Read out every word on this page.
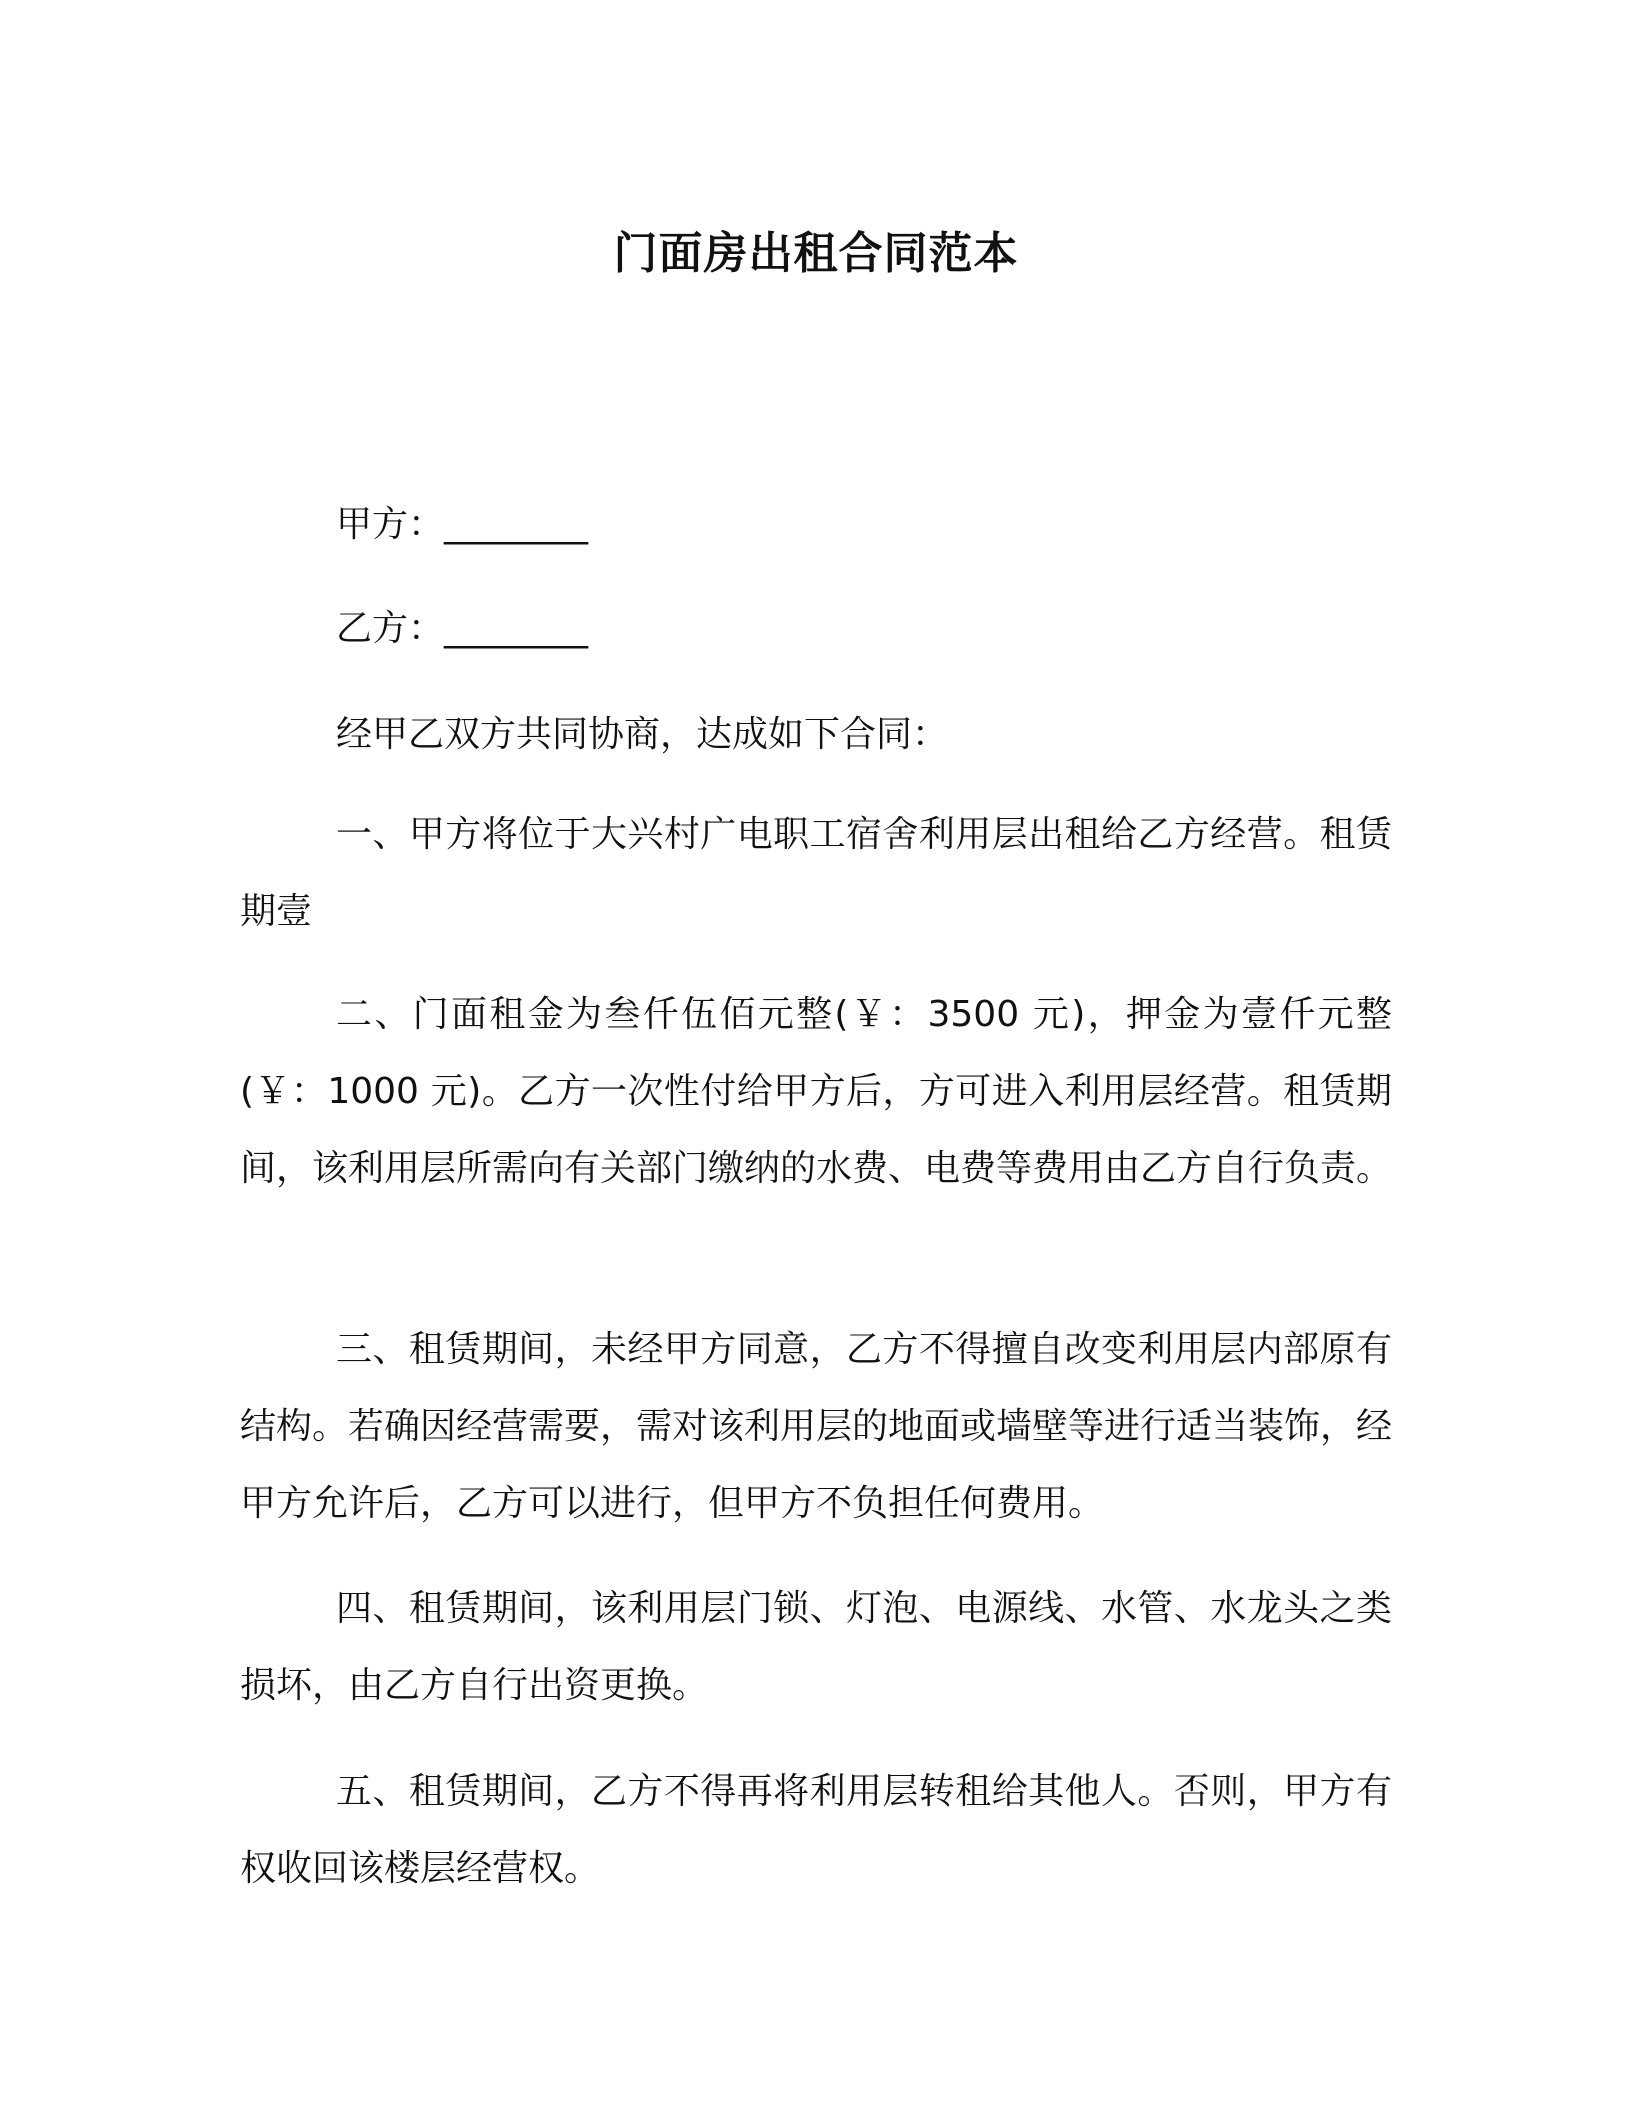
门面房出租合同范本

甲方：________

乙方：________

经甲乙双方共同协商，达成如下合同：

一、甲方将位于大兴村广电职工宿舍利用层出租给乙方经营。租赁期壹

二、门面租金为叁仟伍佰元整(￥：3500 元)，押金为壹仟元整(￥：1000 元)。乙方一次性付给甲方后，方可进入利用层经营。租赁期间，该利用层所需向有关部门缴纳的水费、电费等费用由乙方自行负责。

三、租赁期间，未经甲方同意，乙方不得擅自改变利用层内部原有结构。若确因经营需要，需对该利用层的地面或墙壁等进行适当装饰，经甲方允许后，乙方可以进行，但甲方不负担任何费用。

四、租赁期间，该利用层门锁、灯泡、电源线、水管、水龙头之类损坏，由乙方自行出资更换。

五、租赁期间，乙方不得再将利用层转租给其他人。否则，甲方有权收回该楼层经营权。
